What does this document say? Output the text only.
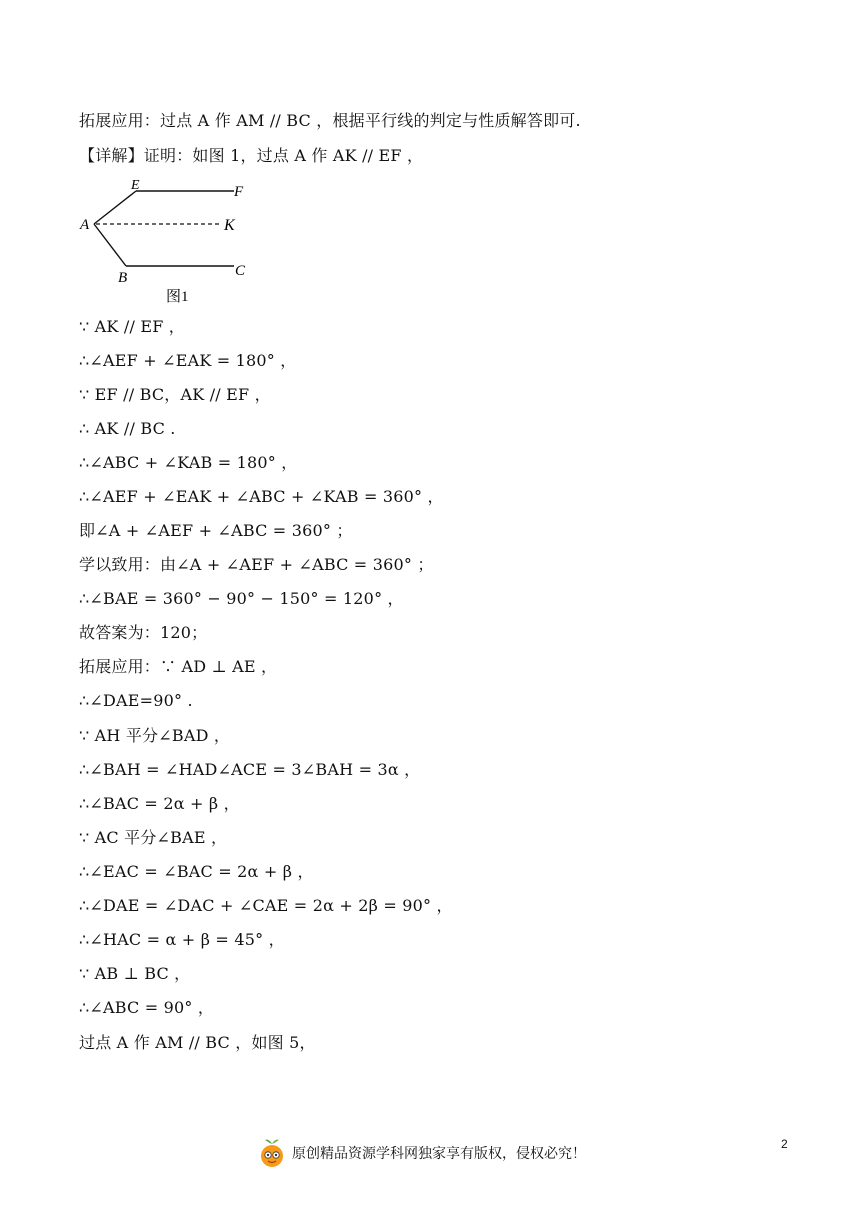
拓展应用：过点 A 作 AM // BC ，根据平行线的判定与性质解答即可.
【详解】证明：如图 1，过点 A 作 AK // EF ，
E	F
A	K
B	C
图1
∵ AK // EF ，
∴∠AEF + ∠EAK = 180° ，
∵ EF // BC，AK // EF ，
∴ AK // BC .
∴∠ABC + ∠KAB = 180° ，
∴∠AEF + ∠EAK + ∠ABC + ∠KAB = 360° ，
即∠A + ∠AEF + ∠ABC = 360° ；
学以致用：由∠A + ∠AEF + ∠ABC = 360° ；
∴∠BAE = 360° − 90° − 150° = 120° ，
故答案为：120；
拓展应用：∵ AD ⊥ AE ，
∴∠DAE=90° .
∵ AH 平分∠BAD ，
∴∠BAH = ∠HAD∠ACE = 3∠BAH = 3α ，
∴∠BAC = 2α + β ，
∵ AC 平分∠BAE ，
∴∠EAC = ∠BAC = 2α + β ，
∴∠DAE = ∠DAC + ∠CAE = 2α + 2β = 90° ，
∴∠HAC = α + β = 45° ，
∵ AB ⊥ BC ，
∴∠ABC = 90° ，
过点 A 作 AM // BC ，如图 5，
原创精品资源学科网独家享有版权，侵权必究！
2
